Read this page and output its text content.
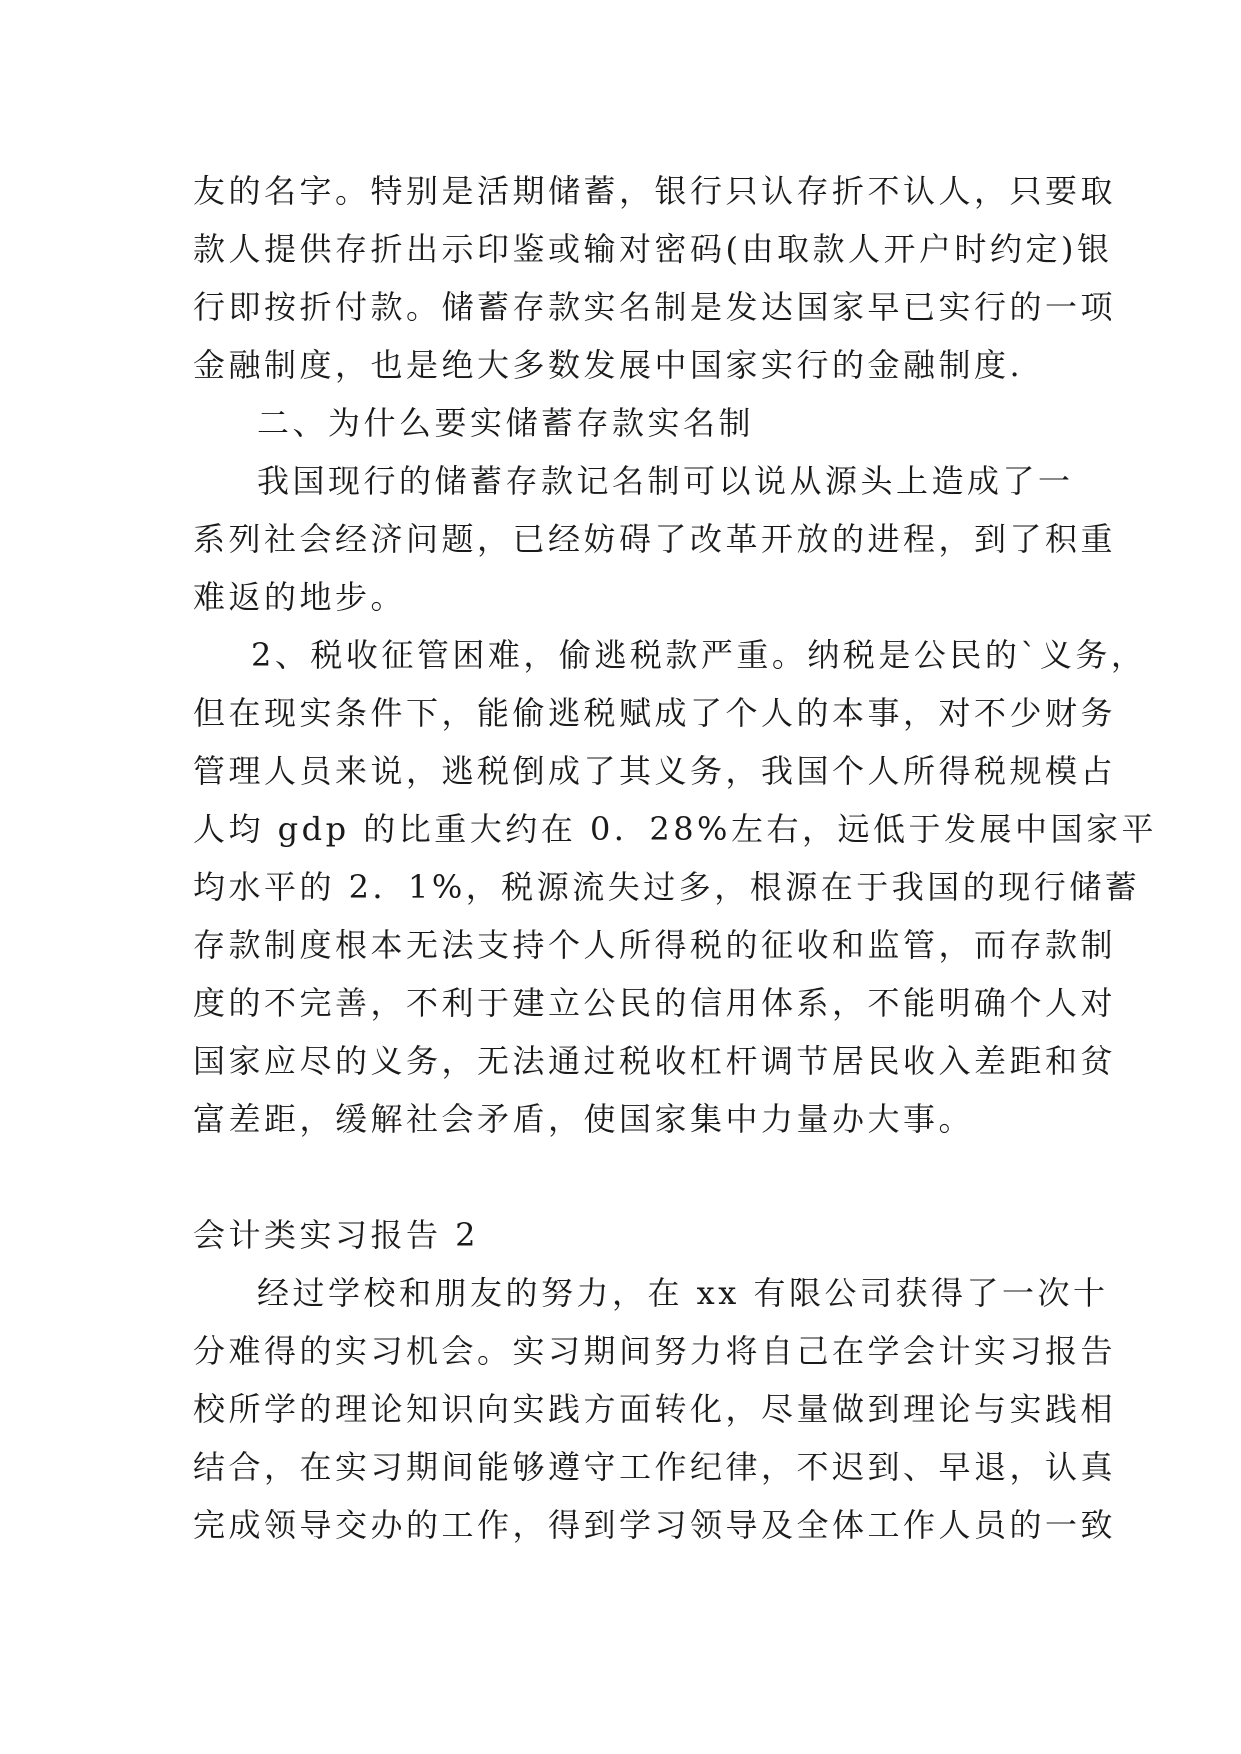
友的名字。特别是活期储蓄，银行只认存折不认人，只要取
款人提供存折出示印鉴或输对密码(由取款人开户时约定)银
行即按折付款。储蓄存款实名制是发达国家早已实行的一项
金融制度，也是绝大多数发展中国家实行的金融制度.
二、为什么要实储蓄存款实名制
我国现行的储蓄存款记名制可以说从源头上造成了一
系列社会经济问题，已经妨碍了改革开放的进程，到了积重
难返的地步。
2、税收征管困难，偷逃税款严重。纳税是公民的`义务，
但在现实条件下，能偷逃税赋成了个人的本事，对不少财务
管理人员来说，逃税倒成了其义务，我国个人所得税规模占
人均 gdp 的比重大约在 0．28%左右，远低于发展中国家平
均水平的 2．1%，税源流失过多，根源在于我国的现行储蓄
存款制度根本无法支持个人所得税的征收和监管，而存款制
度的不完善，不利于建立公民的信用体系，不能明确个人对
国家应尽的义务，无法通过税收杠杆调节居民收入差距和贫
富差距，缓解社会矛盾，使国家集中力量办大事。
会计类实习报告 2
经过学校和朋友的努力，在 xx 有限公司获得了一次十
分难得的实习机会。实习期间努力将自己在学会计实习报告
校所学的理论知识向实践方面转化，尽量做到理论与实践相
结合，在实习期间能够遵守工作纪律，不迟到、早退，认真
完成领导交办的工作，得到学习领导及全体工作人员的一致
